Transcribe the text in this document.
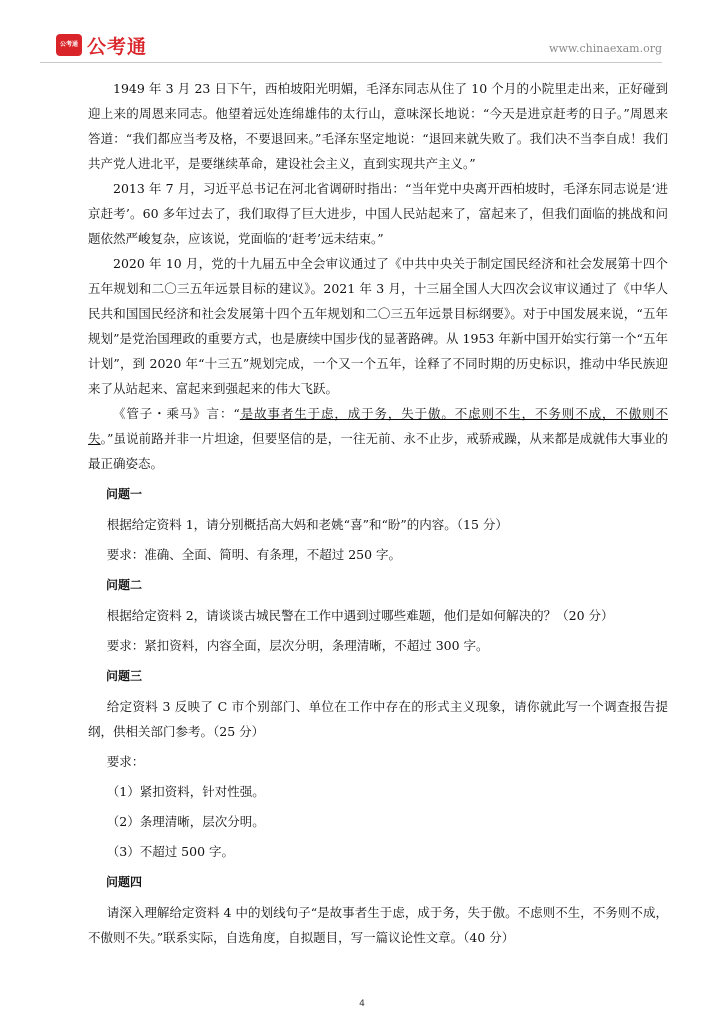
公考通 公考通	www.chinaexam.org

1949 年 3 月 23 日下午，西柏坡阳光明媚，毛泽东同志从住了 10 个月的小院里走出来，正好碰到迎上来的周恩来同志。他望着远处连绵雄伟的太行山，意味深长地说：“今天是进京赶考的日子。”周恩来答道：“我们都应当考及格，不要退回来。”毛泽东坚定地说：“退回来就失败了。我们决不当李自成！我们共产党人进北平，是要继续革命，建设社会主义，直到实现共产主义。”

2013 年 7 月，习近平总书记在河北省调研时指出：“当年党中央离开西柏坡时，毛泽东同志说是‘进京赶考’。60 多年过去了，我们取得了巨大进步，中国人民站起来了，富起来了，但我们面临的挑战和问题依然严峻复杂，应该说，党面临的‘赶考’远未结束。”

2020 年 10 月，党的十九届五中全会审议通过了《中共中央关于制定国民经济和社会发展第十四个五年规划和二〇三五年远景目标的建议》。2021 年 3 月，十三届全国人大四次会议审议通过了《中华人民共和国国民经济和社会发展第十四个五年规划和二〇三五年远景目标纲要》。对于中国发展来说，“五年规划”是党治国理政的重要方式，也是赓续中国步伐的显著路碑。从 1953 年新中国开始实行第一个“五年计划”，到 2020 年“十三五”规划完成，一个又一个五年，诠释了不同时期的历史标识，推动中华民族迎来了从站起来、富起来到强起来的伟大飞跃。

《管子・乘马》言：“是故事者生于虑，成于务，失于傲。不虑则不生，不务则不成，不傲则不失。”虽说前路并非一片坦途，但要坚信的是，一往无前、永不止步，戒骄戒躁，从来都是成就伟大事业的最正确姿态。

问题一

根据给定资料 1，请分别概括高大妈和老姚“喜”和“盼”的内容。（15 分）

要求：准确、全面、简明、有条理，不超过 250 字。

问题二

根据给定资料 2，请谈谈古城民警在工作中遇到过哪些难题，他们是如何解决的？（20 分）

要求：紧扣资料，内容全面，层次分明，条理清晰，不超过 300 字。

问题三

给定资料 3 反映了 C 市个别部门、单位在工作中存在的形式主义现象，请你就此写一个调查报告提纲，供相关部门参考。（25 分）

要求：

（1）紧扣资料，针对性强。

（2）条理清晰，层次分明。

（3）不超过 500 字。

问题四

请深入理解给定资料 4 中的划线句子“是故事者生于虑，成于务，失于傲。不虑则不生，不务则不成，不傲则不失。”联系实际，自选角度，自拟题目，写一篇议论性文章。（40 分）

4
